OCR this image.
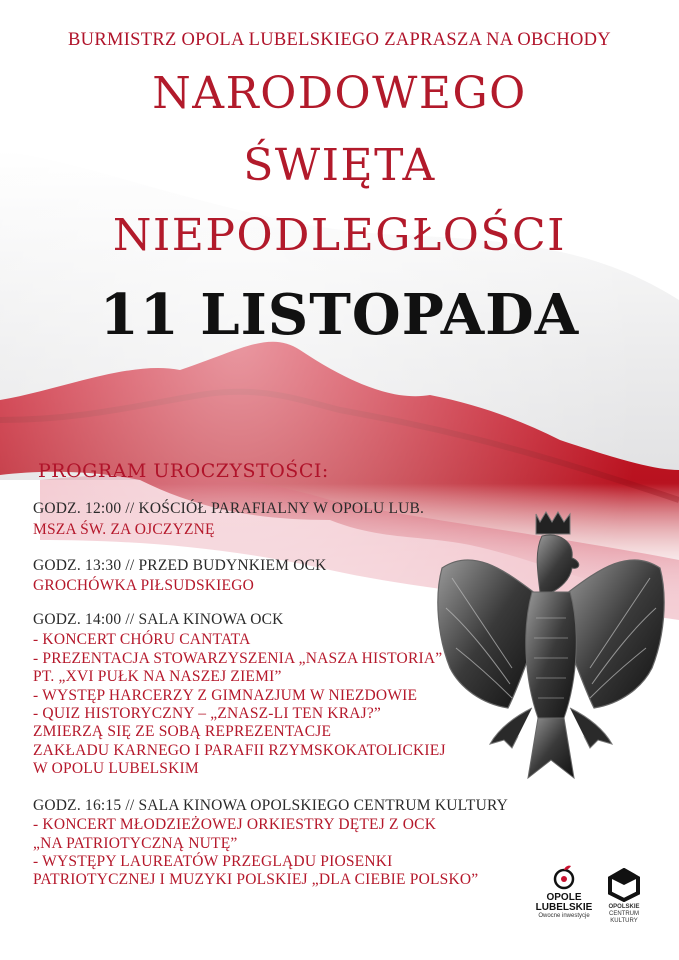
BURMISTRZ OPOLA LUBELSKIEGO ZAPRASZA NA OBCHODY
NARODOWEGO
ŚWIĘTA
NIEPODLEGŁOŚCI
11 LISTOPADA
PROGRAM UROCZYSTOŚCI:
GODZ. 12:00 // KOŚCIÓŁ PARAFIALNY W OPOLU LUB.
MSZA ŚW. ZA OJCZYZNĘ
GODZ. 13:30 // PRZED BUDYNKIEM OCK
GROCHÓWKA PIŁSUDSKIEGO
GODZ. 14:00 // SALA KINOWA OCK
- KONCERT CHÓRU CANTATA
- PREZENTACJA STOWARZYSZENIA „NASZA HISTORIA”
PT. „XVI PUŁK NA NASZEJ ZIEMI”
- WYSTĘP HARCERZY Z GIMNAZJUM W NIEZDOWIE
- QUIZ HISTORYCZNY – „ZNASZ-LI TEN KRAJ?”
ZMIERZĄ SIĘ ZE SOBĄ REPREZENTACJE
ZAKŁADU KARNEGO I PARAFII RZYMSKOKATOLICKIEJ
W OPOLU LUBELSKIM
GODZ. 16:15 // SALA KINOWA OPOLSKIEGO CENTRUM KULTURY
- KONCERT MŁODZIEŻOWEJ ORKIESTRY DĘTEJ Z OCK
„NA PATRIOTYCZNĄ NUTĘ”
- WYSTĘPY LAUREATÓW PRZEGLĄDU PIOSENKI
PATRIOTYCZNEJ I MUZYKI POLSKIEJ „DLA CIEBIE POLSKO”
OPOLE
LUBELSKIE
Owocne inwestycje
OPOLSKIE
CENTRUM
KULTURY
